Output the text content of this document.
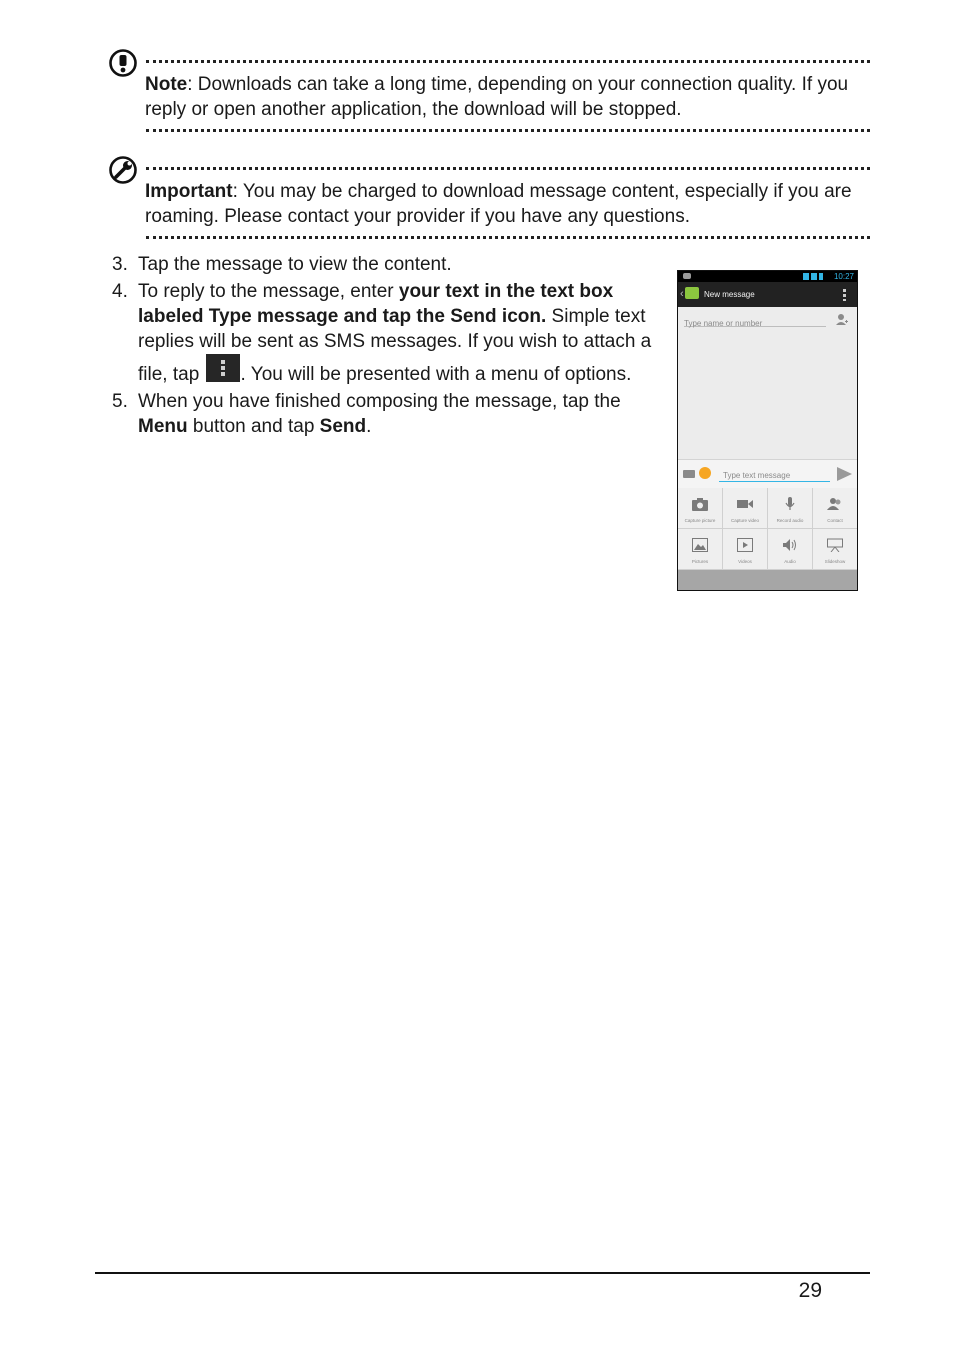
Note: Downloads can take a long time, depending on your connection quality. If you reply or open another application, the download will be stopped.
Important: You may be charged to download message content, especially if you are roaming. Please contact your provider if you have any questions.
3. Tap the message to view the content.
4. To reply to the message, enter your text in the text box labeled Type message and tap the Send icon. Simple text replies will be sent as SMS messages. If you wish to attach a file, tap
. You will be presented with a menu of options.
5. When you have finished composing the message, tap the Menu button and tap Send.
10:27
‹	New message
Type name or number
Type text message
Capture picture	Capture video	Record audio	Contact
Pictures	Videos	Audio	Slideshow
29
